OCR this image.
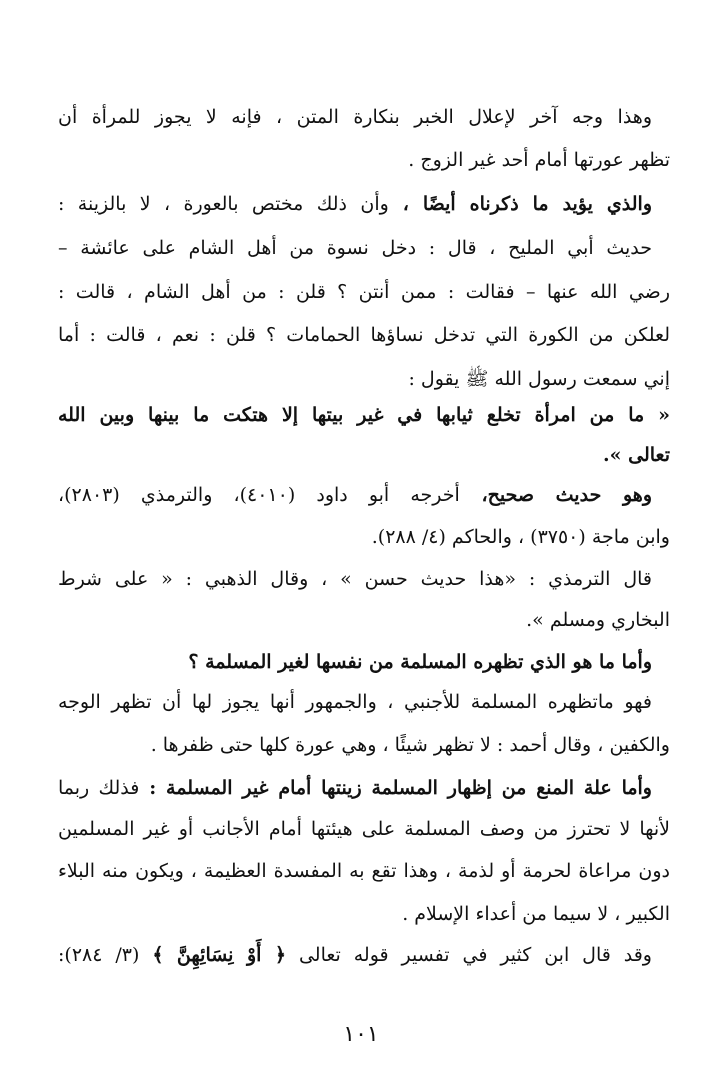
وهذا وجه آخر لإعلال الخبر بنكارة المتن ، فإنه لا يجوز للمرأة أن
تظهر عورتها أمام أحد غير الزوج .
والذي يؤيد ما ذكرناه أيضًا ، وأن ذلك مختص بالعورة ، لا بالزينة :
حديث أبي المليح ، قال : دخل نسوة من أهل الشام على عائشة –
رضي الله عنها – فقالت : ممن أنتن ؟ قلن : من أهل الشام ، قالت :
لعلكن من الكورة التي تدخل نساؤها الحمامات ؟ قلن : نعم ، قالت : أما
إني سمعت رسول الله ﷺ يقول :
« ما من امرأة تخلع ثيابها في غير بيتها إلا هتكت ما بينها وبين الله
تعالى ».
وهو حديث صحيح، أخرجه أبو داود (٤٠١٠)، والترمذي (٢٨٠٣)،
وابن ماجة (٣٧٥٠) ، والحاكم (٤/ ٢٨٨).
قال الترمذي : «هذا حديث حسن » ، وقال الذهبي : « على شرط
البخاري ومسلم ».
وأما ما هو الذي تظهره المسلمة من نفسها لغير المسلمة ؟
فهو ماتظهره المسلمة للأجنبي ، والجمهور أنها يجوز لها أن تظهر الوجه
والكفين ، وقال أحمد : لا تظهر شيئًا ، وهي عورة كلها حتى ظفرها .
وأما علة المنع من إظهار المسلمة زينتها أمام غير المسلمة : فذلك ربما
لأنها لا تحترز من وصف المسلمة على هيئتها أمام الأجانب أو غير المسلمين
دون مراعاة لحرمة أو لذمة ، وهذا تقع به المفسدة العظيمة ، ويكون منه البلاء
الكبير ، لا سيما من أعداء الإسلام .
وقد قال ابن كثير في تفسير قوله تعالى ﴿ أَوْ نِسَائِهِنَّ ﴾ (٣/ ٢٨٤):
١٠١
